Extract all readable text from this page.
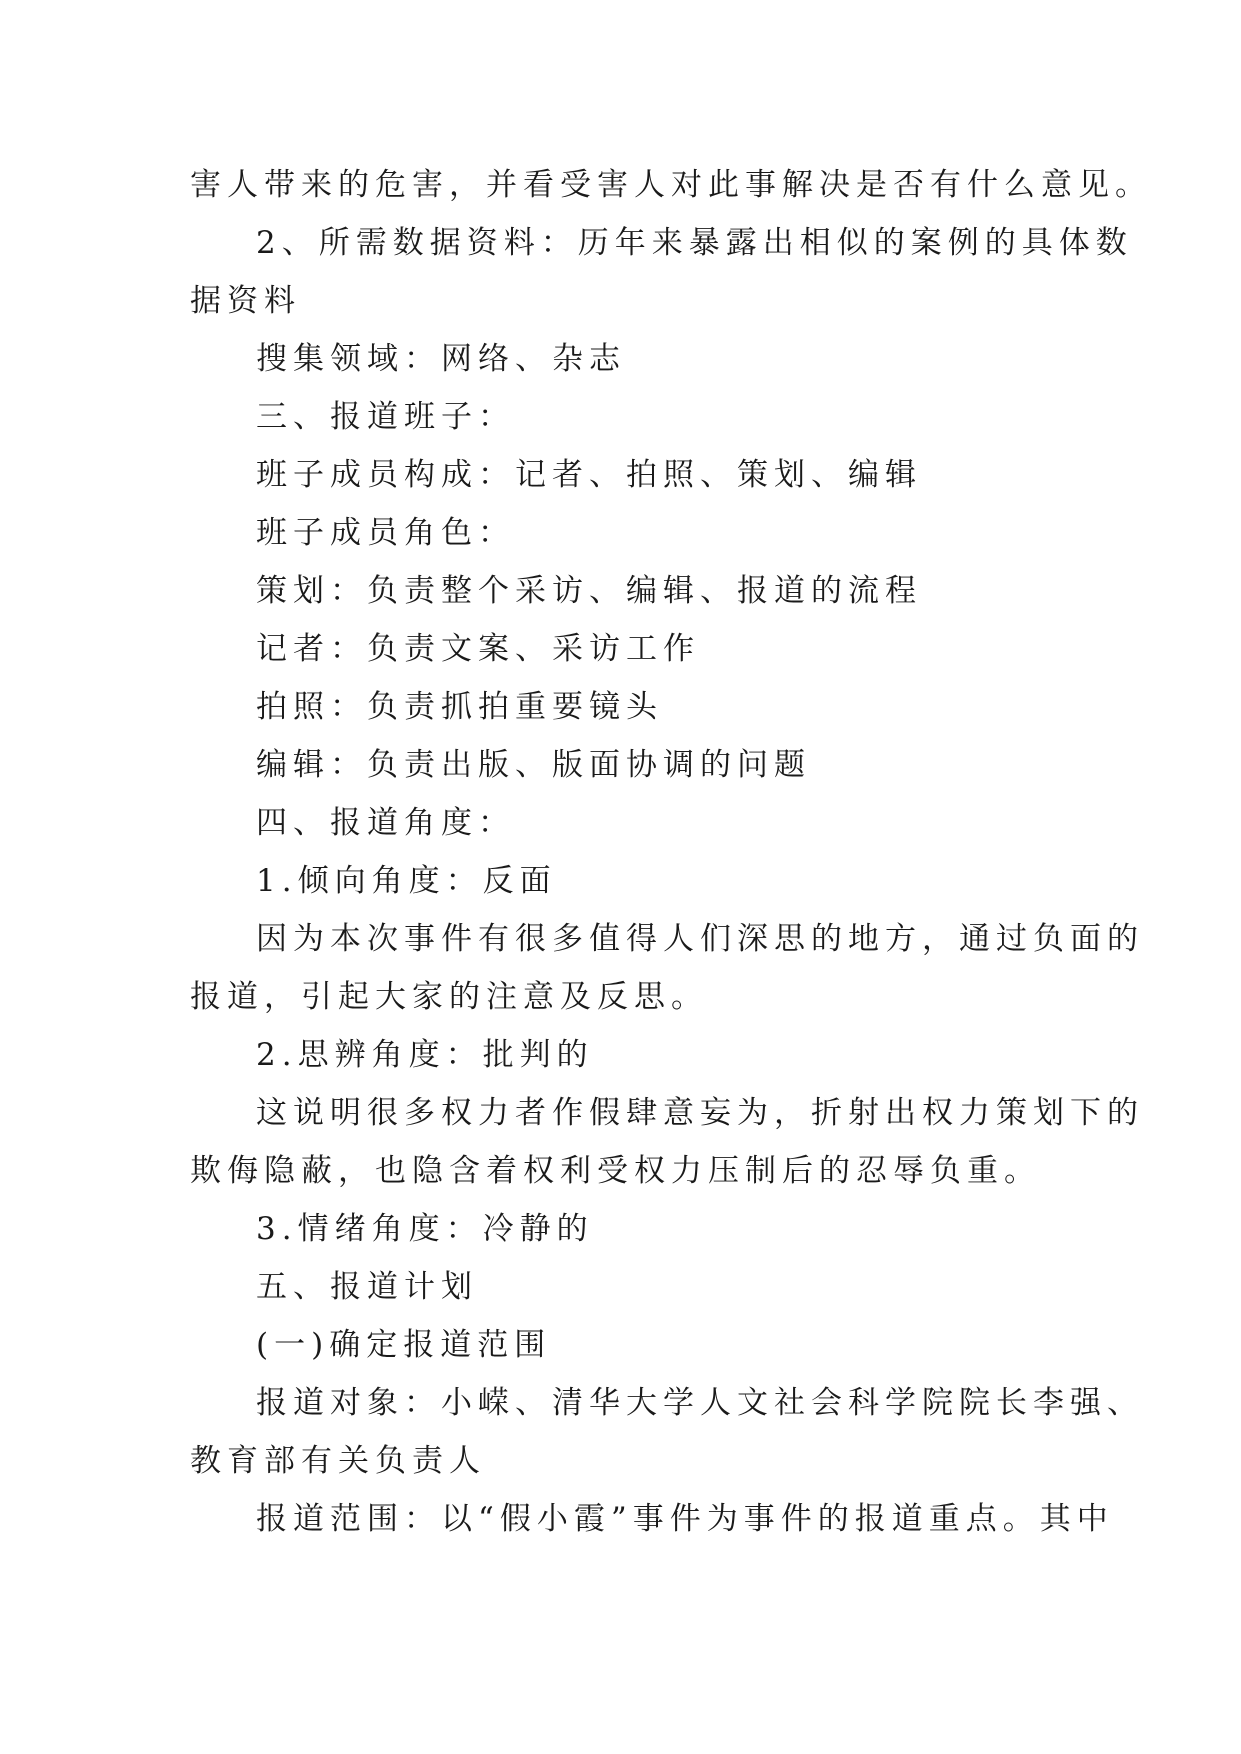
害人带来的危害，并看受害人对此事解决是否有什么意见。
2、所需数据资料：历年来暴露出相似的案例的具体数
据资料
搜集领域：网络、杂志
三、报道班子：
班子成员构成：记者、拍照、策划、编辑
班子成员角色：
策划：负责整个采访、编辑、报道的流程
记者：负责文案、采访工作
拍照：负责抓拍重要镜头
编辑：负责出版、版面协调的问题
四、报道角度：
1.倾向角度：反面
因为本次事件有很多值得人们深思的地方，通过负面的
报道，引起大家的注意及反思。
2.思辨角度：批判的
这说明很多权力者作假肆意妄为，折射出权力策划下的
欺侮隐蔽，也隐含着权利受权力压制后的忍辱负重。
3.情绪角度：冷静的
五、报道计划
(一)确定报道范围
报道对象：小嵘、清华大学人文社会科学院院长李强、
教育部有关负责人
报道范围：以“假小霞”事件为事件的报道重点。其中
